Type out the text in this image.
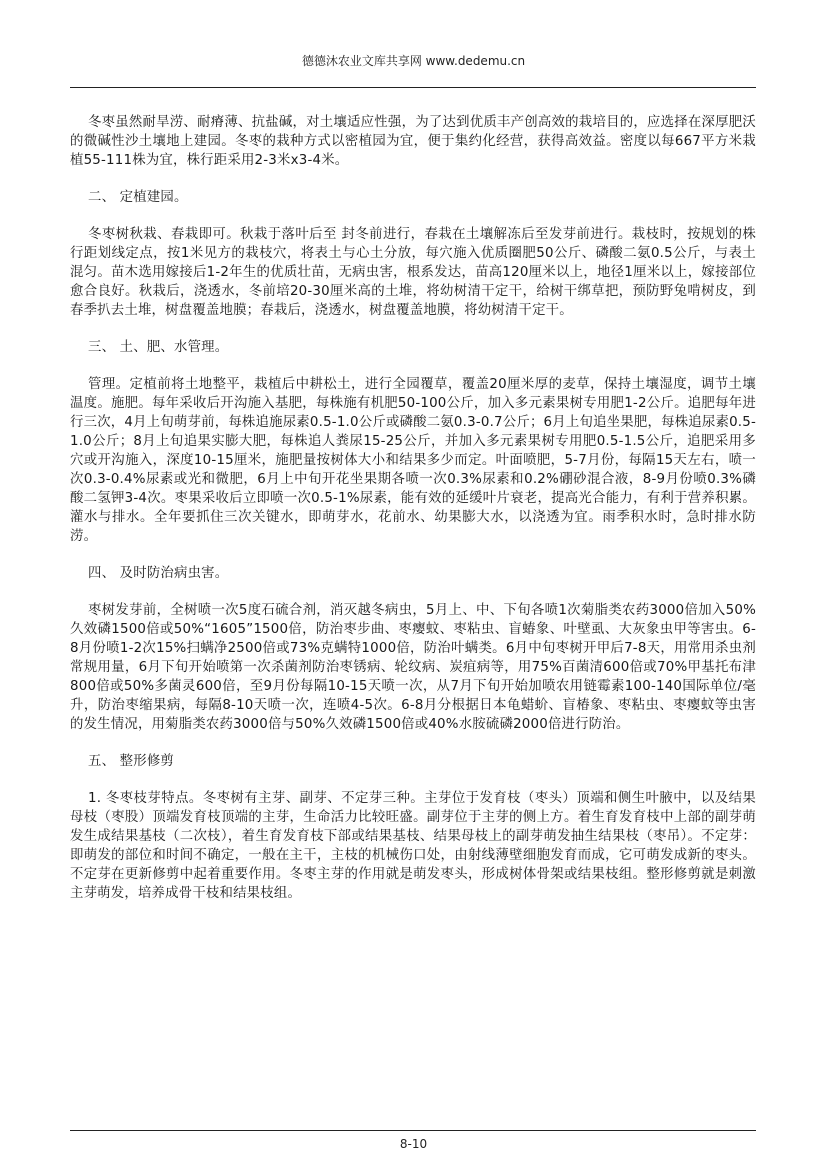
德德沐农业文库共享网 www.dedemu.cn

冬枣虽然耐旱涝、耐瘠薄、抗盐碱，对土壤适应性强，为了达到优质丰产创高效的栽培目的，应选择在深厚肥沃的微碱性沙土壤地上建园。冬枣的栽种方式以密植园为宜，便于集约化经营，获得高效益。密度以每667平方米栽植55-111株为宜，株行距采用2-3米x3-4米。

二、 定植建园。

冬枣树秋栽、春栽即可。秋栽于落叶后至 封冬前进行，春栽在土壤解冻后至发芽前进行。栽枝时，按规划的株行距划线定点，按1米见方的栽枝穴，将表土与心土分放，每穴施入优质圈肥50公斤、磷酸二氨0.5公斤，与表土混匀。苗木选用嫁接后1-2年生的优质壮苗，无病虫害，根系发达，苗高120厘米以上，地径1厘米以上，嫁接部位愈合良好。秋栽后，浇透水，冬前培20-30厘米高的土堆，将幼树清干定干，给树干绑草把，预防野兔啃树皮，到春季扒去土堆，树盘覆盖地膜；春栽后，浇透水，树盘覆盖地膜，将幼树清干定干。

三、 土、肥、水管理。

管理。定植前将土地整平，栽植后中耕松土，进行全园覆草，覆盖20厘米厚的麦草，保持土壤湿度，调节土壤温度。施肥。每年采收后开沟施入基肥，每株施有机肥50-100公斤，加入多元素果树专用肥1-2公斤。追肥每年进行三次，4月上旬萌芽前，每株追施尿素0.5-1.0公斤或磷酸二氨0.3-0.7公斤；6月上旬追坐果肥，每株追尿素0.5-1.0公斤；8月上旬追果实膨大肥，每株追人粪尿15-25公斤，并加入多元素果树专用肥0.5-1.5公斤，追肥采用多穴或开沟施入，深度10-15厘米，施肥量按树体大小和结果多少而定。叶面喷肥，5-7月份，每隔15天左右，喷一次0.3-0.4%尿素或光和微肥，6月上中旬开花坐果期各喷一次0.3%尿素和0.2%硼砂混合液，8-9月份喷0.3%磷酸二氢钾3-4次。枣果采收后立即喷一次0.5-1%尿素，能有效的延缓叶片衰老，提高光合能力，有利于营养积累。灌水与排水。全年要抓住三次关键水，即萌芽水，花前水、幼果膨大水，以浇透为宜。雨季积水时，急时排水防涝。

四、 及时防治病虫害。

枣树发芽前，全树喷一次5度石硫合剂，消灭越冬病虫，5月上、中、下旬各喷1次菊脂类农药3000倍加入50%久效磷1500倍或50%“1605”1500倍，防治枣步曲、枣瘿蚊、枣粘虫、盲蝽象、叶壁虱、大灰象虫甲等害虫。6-8月份喷1-2次15%扫螨净2500倍或73%克螨特1000倍，防治叶螨类。6月中旬枣树开甲后7-8天，用常用杀虫剂常规用量，6月下旬开始喷第一次杀菌剂防治枣锈病、轮纹病、炭疽病等，用75%百菌清600倍或70%甲基托布津800倍或50%多菌灵600倍，至9月份每隔10-15天喷一次，从7月下旬开始加喷农用链霉素100-140国际单位/毫升，防治枣缩果病，每隔8-10天喷一次，连喷4-5次。6-8月分根据日本龟蜡蚧、盲椿象、枣粘虫、枣瘿蚊等虫害的发生情况，用菊脂类农药3000倍与50%久效磷1500倍或40%水胺硫磷2000倍进行防治。

五、 整形修剪

1. 冬枣枝芽特点。冬枣树有主芽、副芽、不定芽三种。主芽位于发育枝（枣头）顶端和侧生叶腋中，以及结果母枝（枣股）顶端发育枝顶端的主芽，生命活力比较旺盛。副芽位于主芽的侧上方。着生育发育枝中上部的副芽萌发生成结果基枝（二次枝），着生育发育枝下部或结果基枝、结果母枝上的副芽萌发抽生结果枝（枣吊）。不定芽：即萌发的部位和时间不确定，一般在主干，主枝的机械伤口处，由射线薄壁细胞发育而成，它可萌发成新的枣头。不定芽在更新修剪中起着重要作用。冬枣主芽的作用就是萌发枣头，形成树体骨架或结果枝组。整形修剪就是刺激 主芽萌发，培养成骨干枝和结果枝组。

8-10
